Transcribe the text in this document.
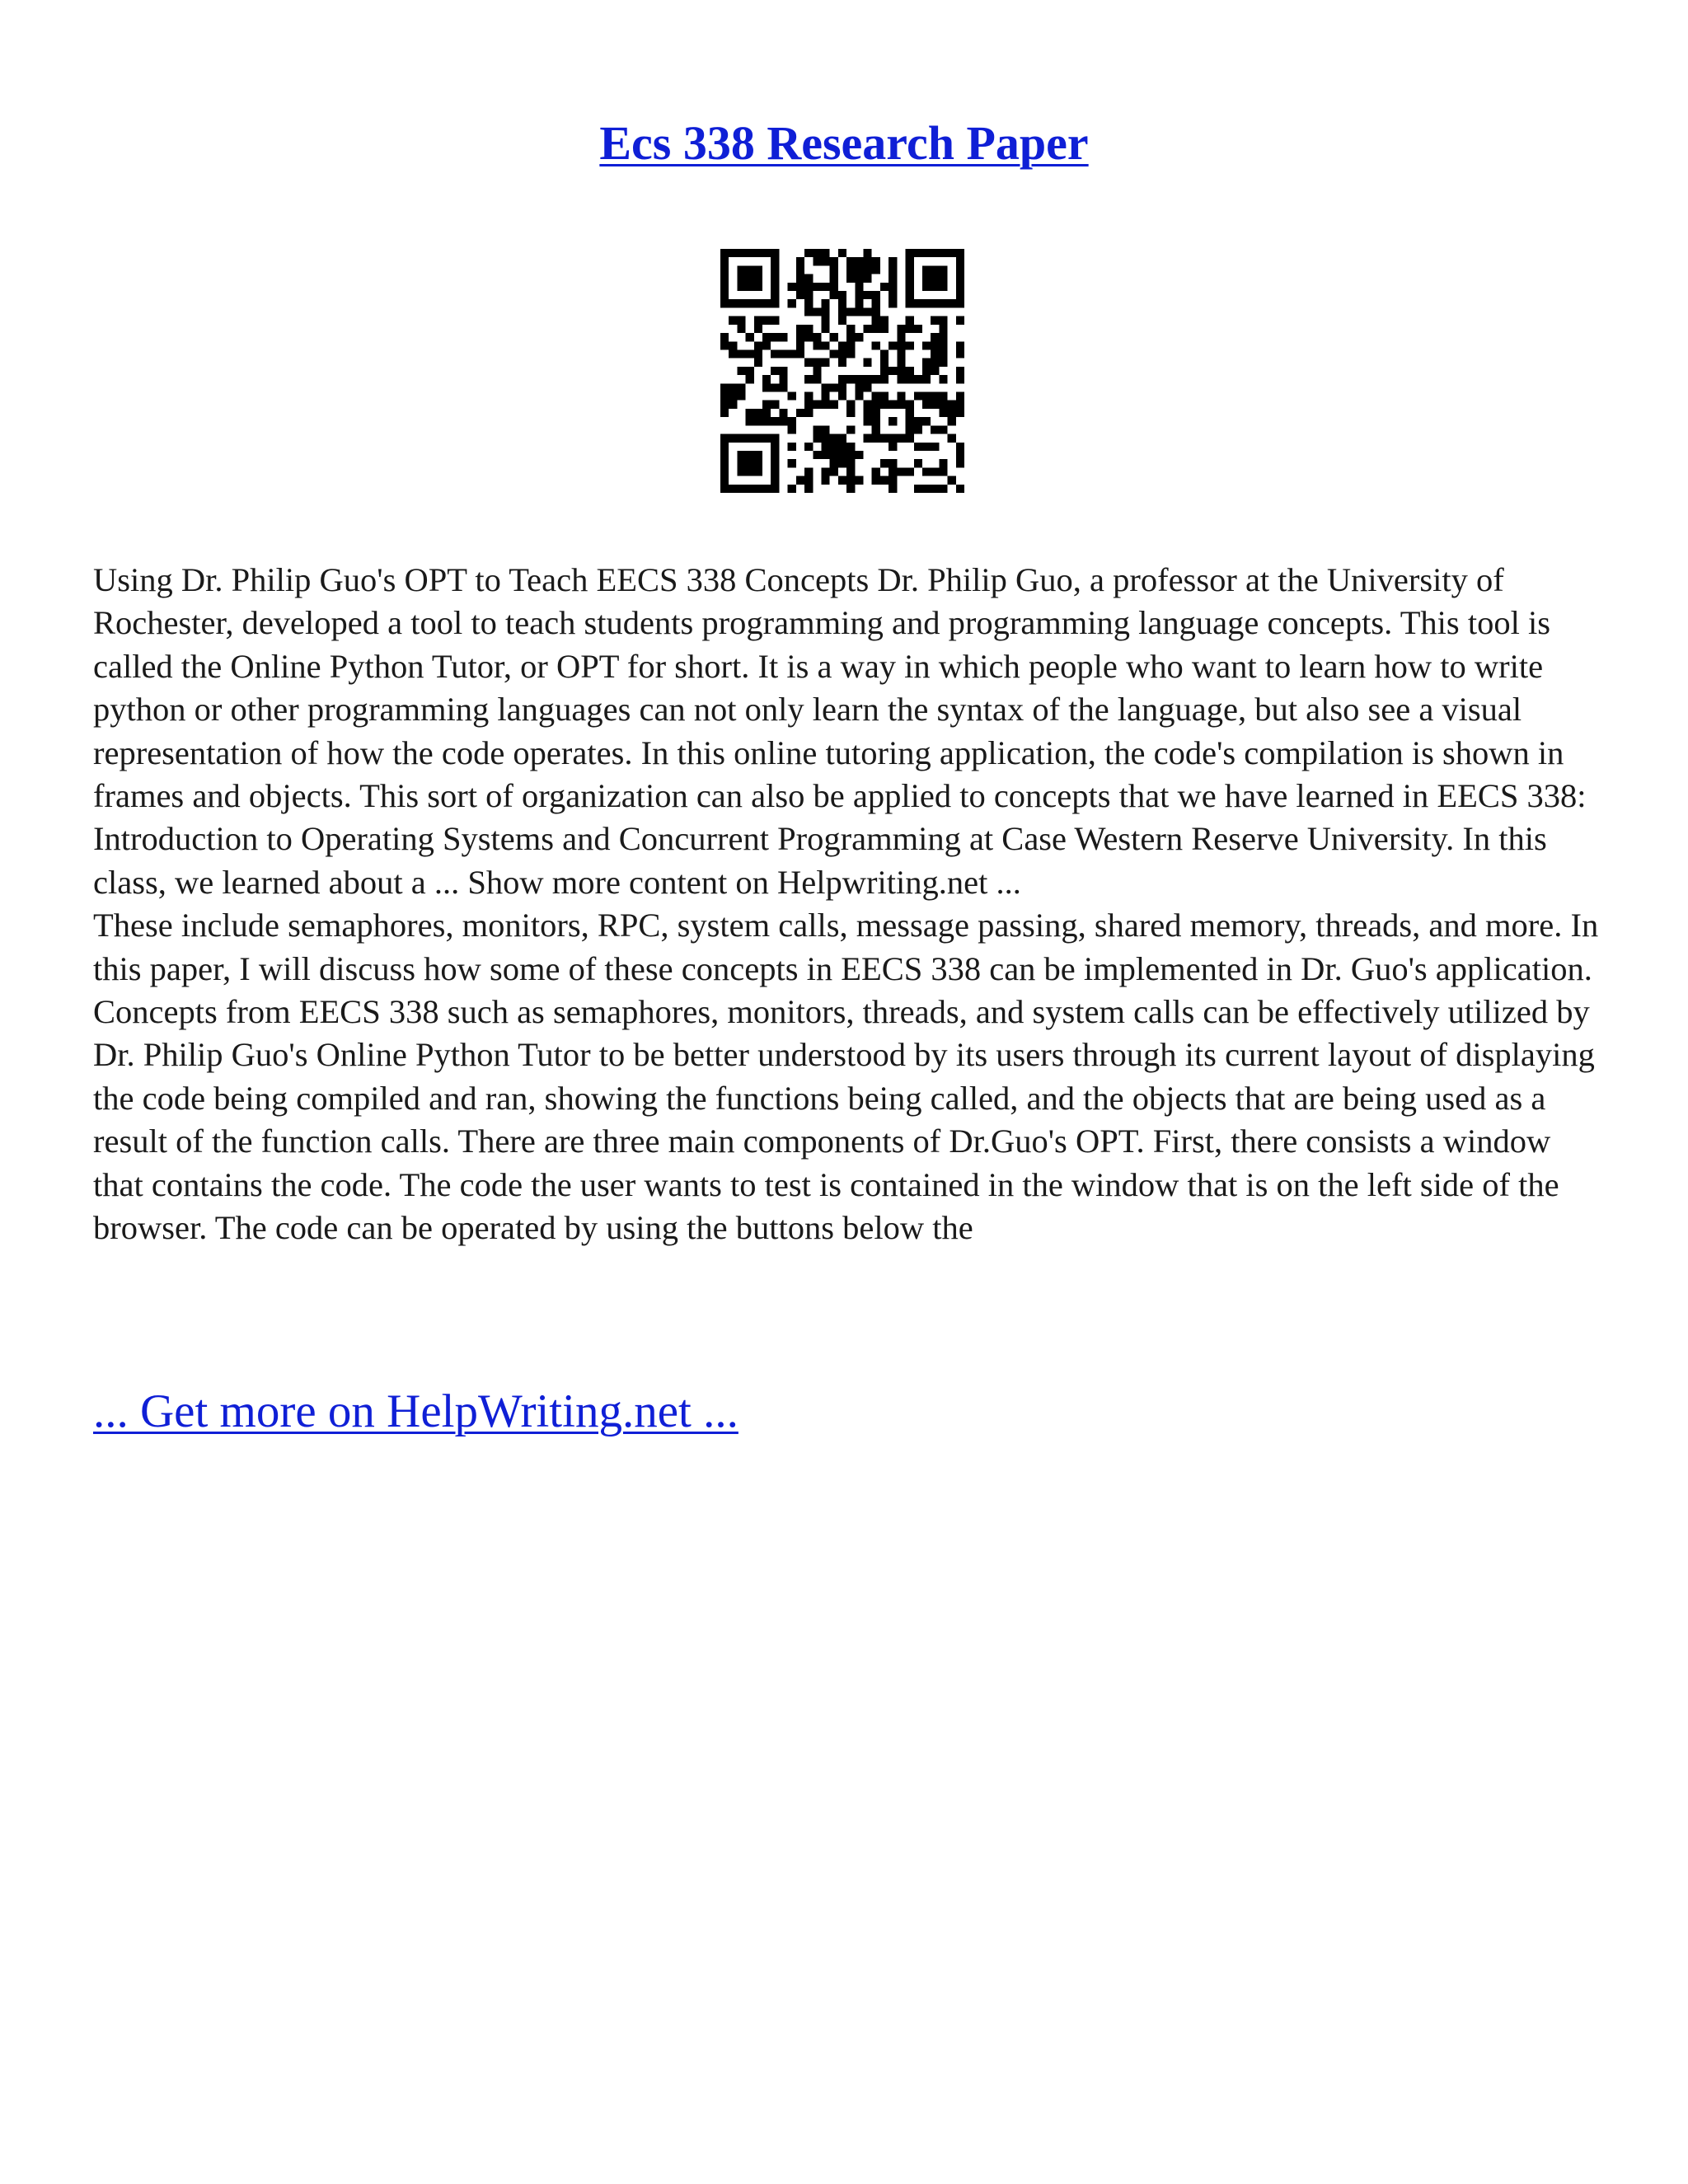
Ecs 338 Research Paper

Using Dr. Philip Guo's OPT to Teach EECS 338 Concepts Dr. Philip Guo, a professor at the University of Rochester, developed a tool to teach students programming and programming language concepts. This tool is called the Online Python Tutor, or OPT for short. It is a way in which people who want to learn how to write python or other programming languages can not only learn the syntax of the language, but also see a visual representation of how the code operates. In this online tutoring application, the code's compilation is shown in frames and objects. This sort of organization can also be applied to concepts that we have learned in EECS 338: Introduction to Operating Systems and Concurrent Programming at Case Western Reserve University. In this class, we learned about a ... Show more content on Helpwriting.net ...

These include semaphores, monitors, RPC, system calls, message passing, shared memory, threads, and more. In this paper, I will discuss how some of these concepts in EECS 338 can be implemented in Dr. Guo's application. Concepts from EECS 338 such as semaphores, monitors, threads, and system calls can be effectively utilized by Dr. Philip Guo's Online Python Tutor to be better understood by its users through its current layout of displaying the code being compiled and ran, showing the functions being called, and the objects that are being used as a result of the function calls. There are three main components of Dr.Guo's OPT. First, there consists a window that contains the code. The code the user wants to test is contained in the window that is on the left side of the browser. The code can be operated by using the buttons below the

... Get more on HelpWriting.net ...
